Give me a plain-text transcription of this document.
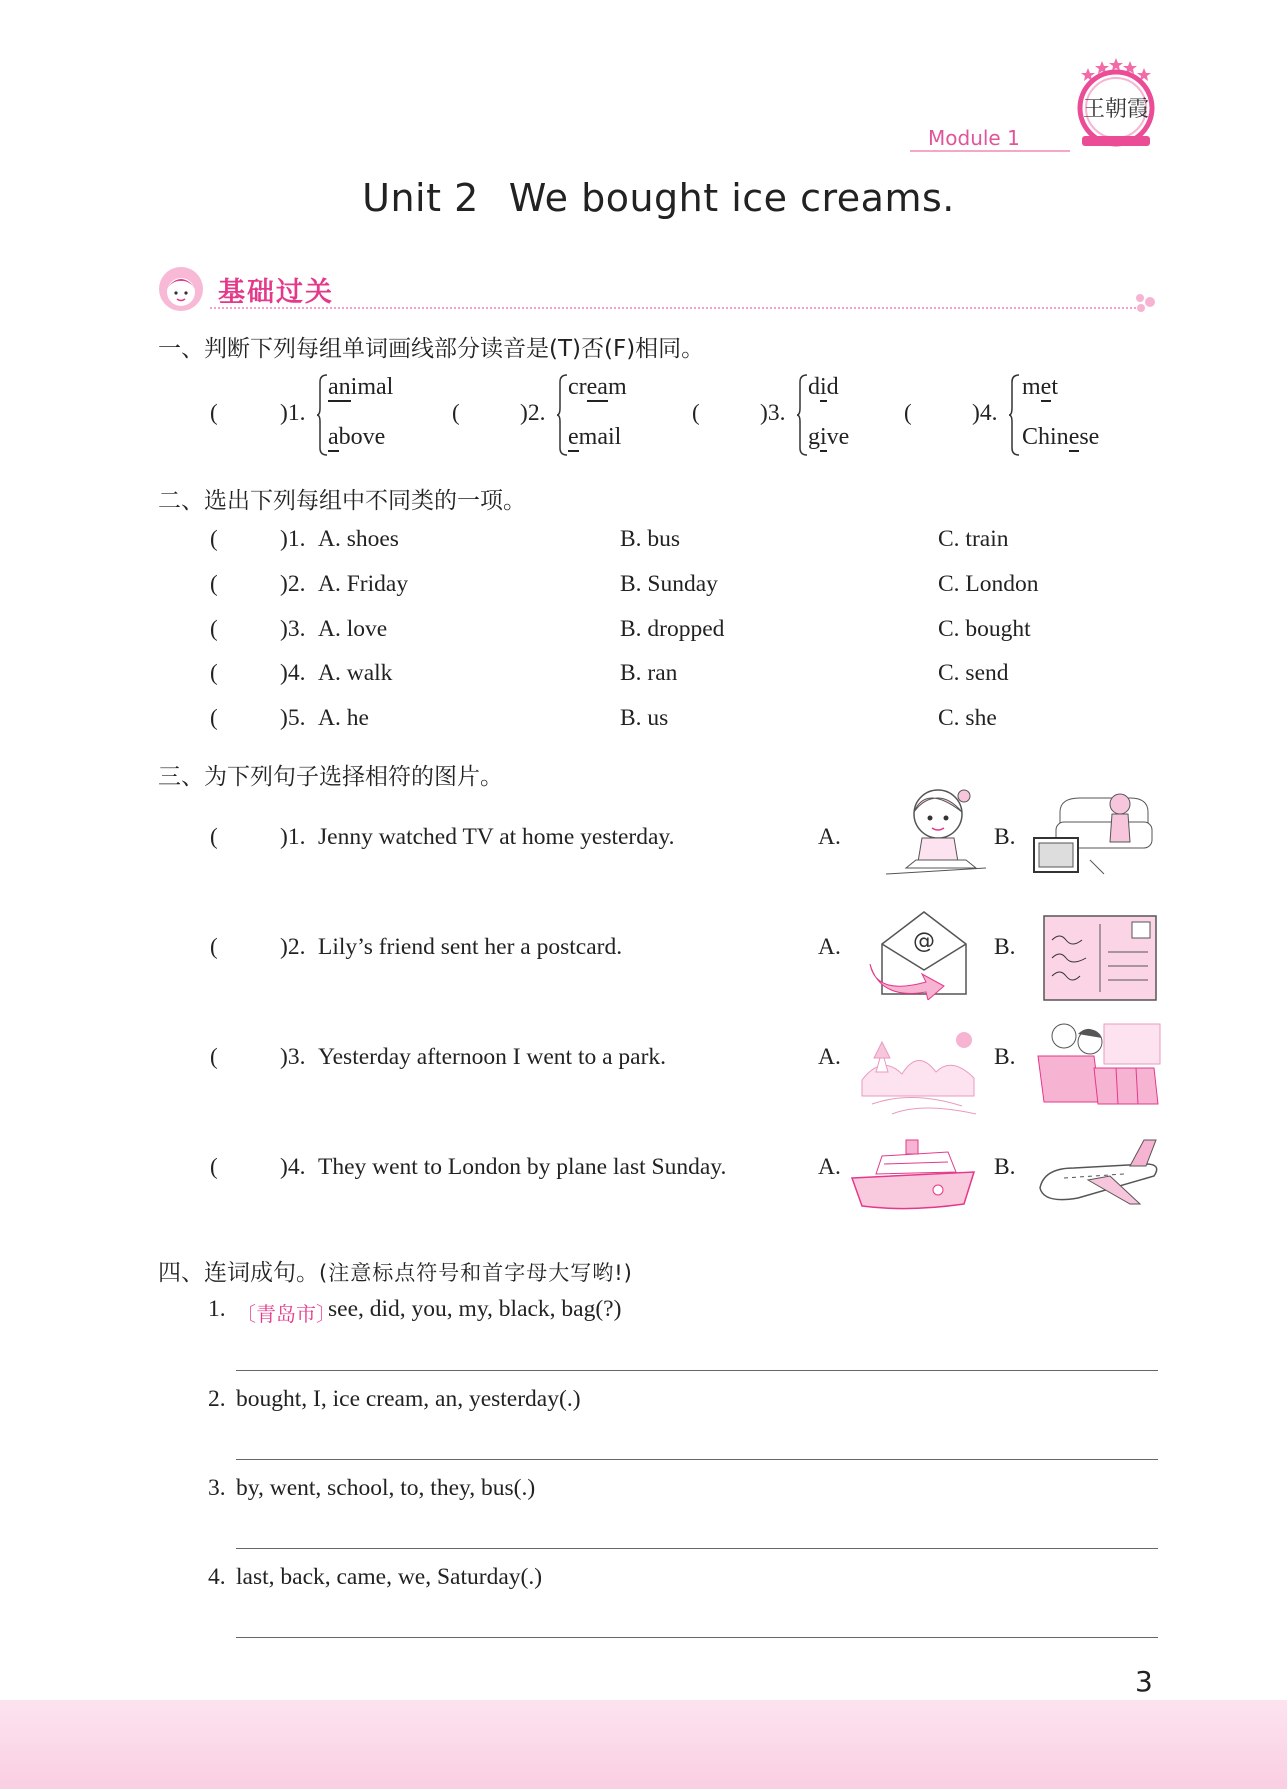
Module 1
王朝霞
Unit 2 We bought ice creams.
基础过关
一、判断下列每组单词画线部分读音是(T)否(F)相同。
(	)1.
animal
above
(	)2.
cream
email
(	)3.
did
give
(	)4.
met
Chinese
二、选出下列每组中不同类的一项。
(	)1. A. shoes	B. bus	C. train
(	)2. A. Friday	B. Sunday	C. London
(	)3. A. love	B. dropped	C. bought
(	)4. A. walk	B. ran	C. send
(	)5. A. he	B. us	C. she
三、为下列句子选择相符的图片。
(	)1. Jenny watched TV at home yesterday.	A.	B.
(	)2. Lily’s friend sent her a postcard.	A.	@	B.
(	)3. Yesterday afternoon I went to a park.	A.	B.
(	)4. They went to London by plane last Sunday.	A.	B.
四、连词成句。(注意标点符号和首字母大写哟!)
1. 〔青岛市〕
see, did, you, my, black, bag(?)
2. bought, I, ice cream, an, yesterday(.)
3. by, went, school, to, they, bus(.)
4. last, back, came, we, Saturday(.)
3
